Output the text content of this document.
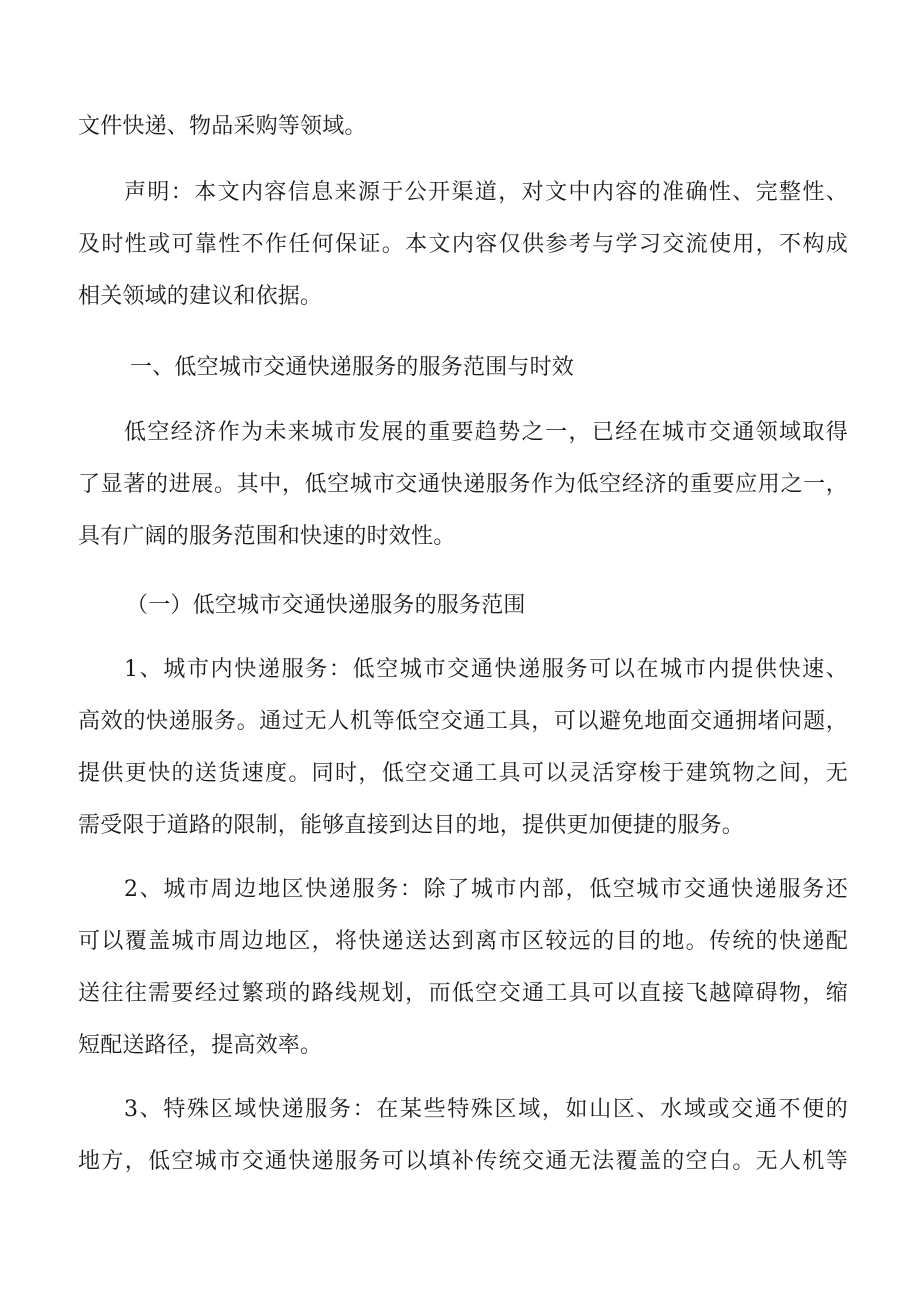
文件快递、物品采购等领域。
声明：本文内容信息来源于公开渠道，对文中内容的准确性、完整性、
及时性或可靠性不作任何保证。本文内容仅供参考与学习交流使用，不构成
相关领域的建议和依据。
一、低空城市交通快递服务的服务范围与时效
低空经济作为未来城市发展的重要趋势之一，已经在城市交通领域取得
了显著的进展。其中，低空城市交通快递服务作为低空经济的重要应用之一，
具有广阔的服务范围和快速的时效性。
（一）低空城市交通快递服务的服务范围
1、城市内快递服务：低空城市交通快递服务可以在城市内提供快速、
高效的快递服务。通过无人机等低空交通工具，可以避免地面交通拥堵问题，
提供更快的送货速度。同时，低空交通工具可以灵活穿梭于建筑物之间，无
需受限于道路的限制，能够直接到达目的地，提供更加便捷的服务。
2、城市周边地区快递服务：除了城市内部，低空城市交通快递服务还
可以覆盖城市周边地区，将快递送达到离市区较远的目的地。传统的快递配
送往往需要经过繁琐的路线规划，而低空交通工具可以直接飞越障碍物，缩
短配送路径，提高效率。
3、特殊区域快递服务：在某些特殊区域，如山区、水域或交通不便的
地方，低空城市交通快递服务可以填补传统交通无法覆盖的空白。无人机等
